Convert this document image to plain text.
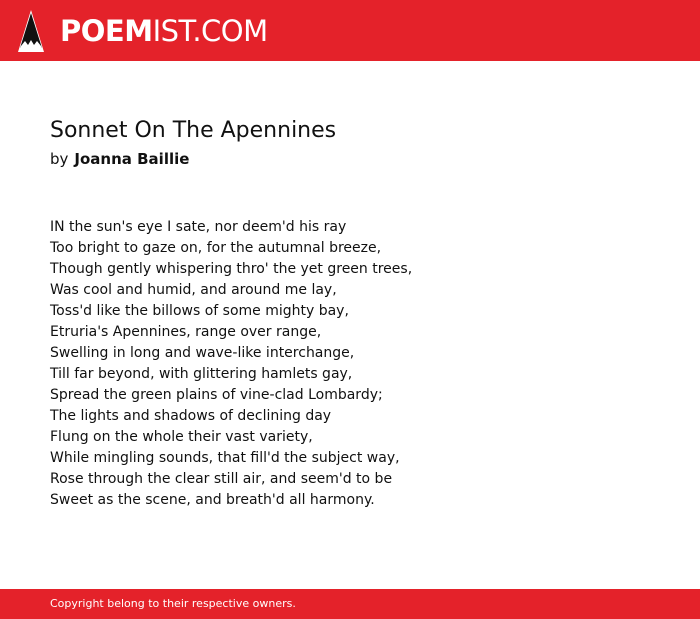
POEMIST.COM
Sonnet On The Apennines
by Joanna Baillie
IN the sun's eye I sate, nor deem'd his ray
Too bright to gaze on, for the autumnal breeze,
Though gently whispering thro' the yet green trees,
Was cool and humid, and around me lay,
Toss'd like the billows of some mighty bay,
Etruria's Apennines, range over range,
Swelling in long and wave-like interchange,
Till far beyond, with glittering hamlets gay,
Spread the green plains of vine-clad Lombardy;
The lights and shadows of declining day
Flung on the whole their vast variety,
While mingling sounds, that fill'd the subject way,
Rose through the clear still air, and seem'd to be
Sweet as the scene, and breath'd all harmony.
Copyright belong to their respective owners.
